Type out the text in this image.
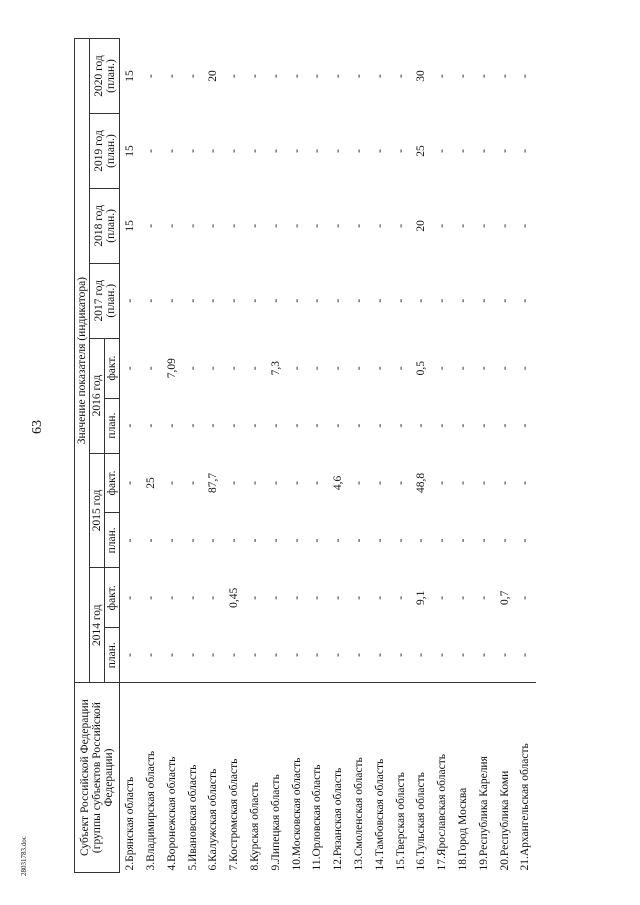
63
28031783.doc
Субъект Российской Федерации (группы субъектов Российской Федерации)	Значение показателя (индикатора)									
	2014 год		2015 год		2016 год		2017 год (план.)	2018 год (план.)	2019 год (план.)	2020 год (план.)
	план.	факт.	план.	факт.	план.	факт.				
2.Брянская область	-	-	-	-	-	-	-	15	15	15
3.Владимирская область	-	-	-	25	-	-	-	-	-	-
4.Воронежская область	-	-	-	-	-	7,09	-	-	-	-
5.Ивановская область	-	-	-	-	-	-	-	-	-	-
6.Калужская область	-	-	-	87,7	-	-	-	-	-	20
7.Костромская область	-	0,45	-	-	-	-	-	-	-	-
8.Курская область	-	-	-	-	-	-	-	-	-	-
9.Липецкая область	-	-	-	-	-	7,3	-	-	-	-
10.Московская область	-	-	-	-	-	-	-	-	-	-
11.Орловская область	-	-	-	-	-	-	-	-	-	-
12.Рязанская область	-	-	-	4,6	-	-	-	-	-	-
13.Смоленская область	-	-	-	-	-	-	-	-	-	-
14.Тамбовская область	-	-	-	-	-	-	-	-	-	-
15.Тверская область	-	-	-	-	-	-	-	-	-	-
16.Тульская область	-	9,1	-	48,8	-	0,5	-	20	25	30
17.Ярославская область	-	-	-	-	-	-	-	-	-	-
18.Город Москва	-	-	-	-	-	-	-	-	-	-
19.Республика Карелия	-	-	-	-	-	-	-	-	-	-
20.Республика Коми	-	0,7	-	-	-	-	-	-	-	-
21.Архангельская область	-	-	-	-	-	-	-	-	-	-
